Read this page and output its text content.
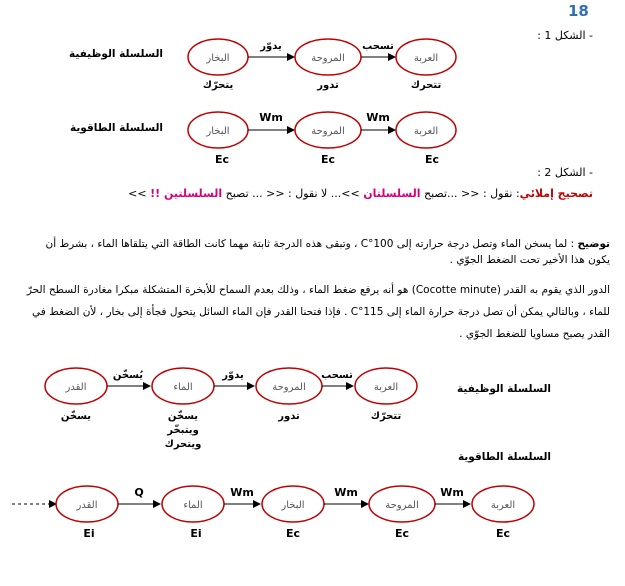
18
- الشكل 1 :
السلسلة الوظيفية
السلسلة الطاقوية
البخار	المروحة	العربة
يدوّر	تسحب
يتحرّك	تدور	تتحرك
البخار	المروحة	العربة
Wm	Wm
Ec	Ec	Ec
القدر	الماء	المروحة	العربة
يُسخّن	يدوّر	تسحب
يسخّن	يسخّن
ويتبخّر
ويتحرك
تدور	تتحرّك
القدر	الماء	البخار	المروحة	العربة
Q	Wm	Wm	Wm
Ei	Ei	Ec	Ec	Ec
- الشكل 2 :
تصحيح إملائي: نقول : << ...تصبح السلسلتان >>... لا نقول : << ... تصبح السلسلتين !! >>
توضيح : لما يسخن الماء وتصل درجة حرارته إلى 100°C ، وتبقى هذه الدرجة ثابتة مهما كانت الطاقة التي يتلقاها الماء ، بشرط أن
يكون هذا الأخير تحت الضغط الجوّي .
الدور الذي يقوم به القدر (Cocotte minute) هو أنه يرفع ضغط الماء ، وذلك بعدم السماح للأبخرة المتشكلة مبكرا مغادرة السطح الحرّ
للماء ، وبالتالي يمكن أن تصل درجة حرارة الماء إلى 115°C . فإذا فتحنا القدر فإن الماء السائل يتحول فجأة إلى بخار ، لأن الضغط في
القدر يصبح مساويا للضغط الجوّي .
السلسلة الوظيفية
السلسلة الطاقوية
